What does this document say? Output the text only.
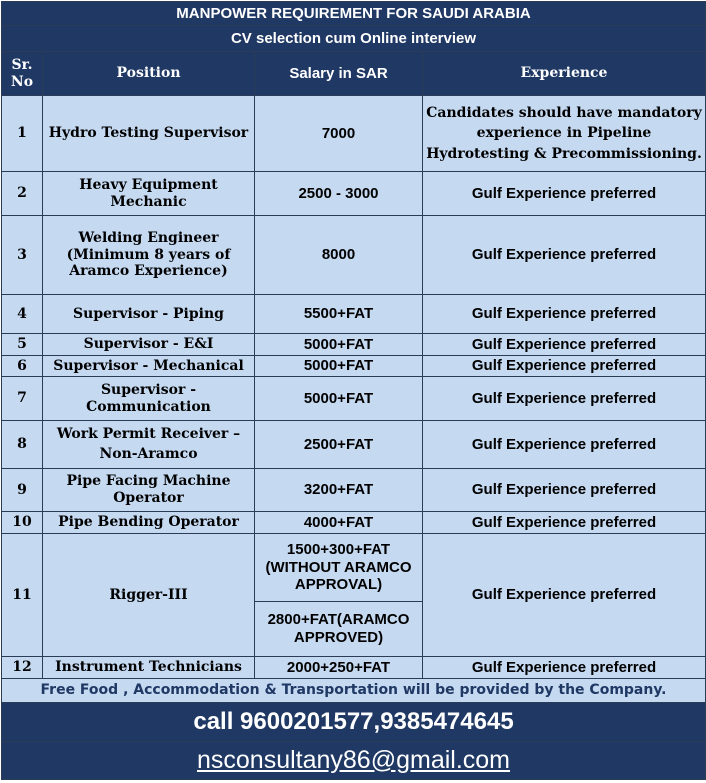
MANPOWER REQUIREMENT FOR SAUDI ARABIA			
CV selection cum Online interview			

Sr.
No	Position	Salary in SAR	Experience
1	Hydro Testing Supervisor	7000	Candidates should have mandatory experience in Pipeline Hydrotesting & Precommissioning.
2	Heavy Equipment Mechanic	2500 - 3000	Gulf Experience preferred
3	Welding Engineer (Minimum 8 years of Aramco Experience)	8000	Gulf Experience preferred
4	Supervisor - Piping	5500+FAT	Gulf Experience preferred
5	Supervisor - E&I	5000+FAT	Gulf Experience preferred
6	Supervisor - Mechanical	5000+FAT	Gulf Experience preferred
7	Supervisor - Communication	5000+FAT	Gulf Experience preferred
8	Work Permit Receiver –
Non-Aramco	2500+FAT	Gulf Experience preferred
9	Pipe Facing Machine Operator	3200+FAT	Gulf Experience preferred
10	Pipe Bending Operator	4000+FAT	Gulf Experience preferred
11	Rigger-III	1500+300+FAT (WITHOUT ARAMCO APPROVAL)	Gulf Experience preferred
		2800+FAT(ARAMCO APPROVED)	
12	Instrument Technicians	2000+250+FAT	Gulf Experience preferred
Free Food , Accommodation & Transportation will be provided by the Company.			
call 9600201577,9385474645			
nsconsultany86@gmail.com			
